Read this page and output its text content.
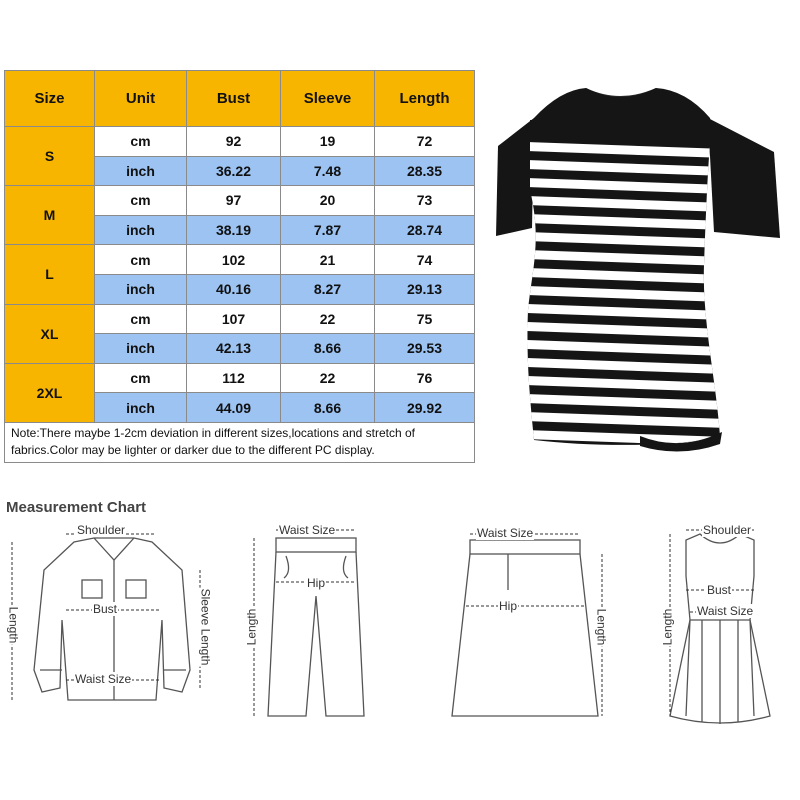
Size	Unit	Bust	Sleeve	Length
S	cm	92	19	72
	inch	36.22	7.48	28.35
M	cm	97	20	73
	inch	38.19	7.87	28.74
L	cm	102	21	74
	inch	40.16	8.27	29.13
XL	cm	107	22	75
	inch	42.13	8.66	29.53
2XL	cm	112	22	76
	inch	44.09	8.66	29.92
Note:There maybe 1-2cm deviation in different sizes,locations and stretch of fabrics.Color may be lighter or darker due to the different PC display.				
Measurement Chart
Shoulder
Bust
Waist Size
Sleeve Length
Length
Waist Size
Hip
Length
Waist Size
Hip
Length
Shoulder
Bust
Waist Size
Length
